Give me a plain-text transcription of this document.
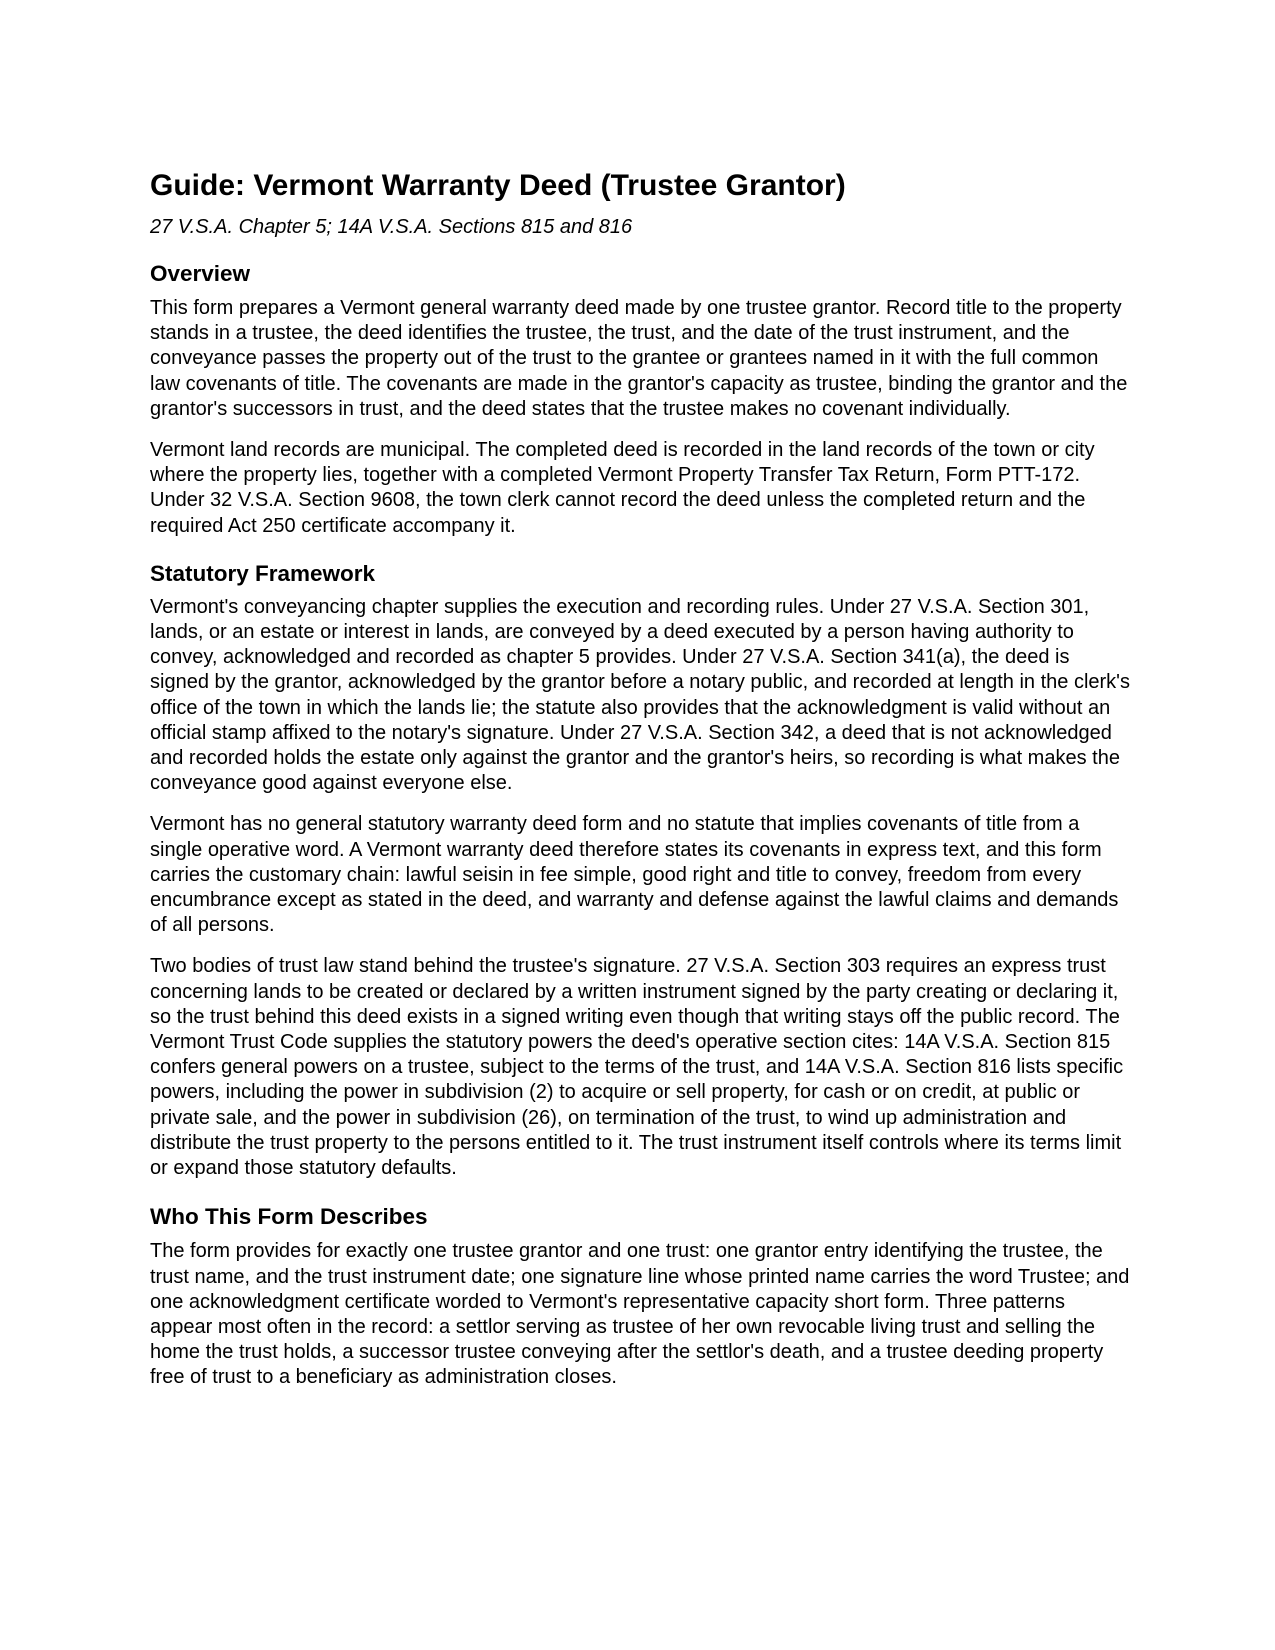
Guide: Vermont Warranty Deed (Trustee Grantor)

27 V.S.A. Chapter 5; 14A V.S.A. Sections 815 and 816

Overview

This form prepares a Vermont general warranty deed made by one trustee grantor. Record title to the property stands in a trustee, the deed identifies the trustee, the trust, and the date of the trust instrument, and the conveyance passes the property out of the trust to the grantee or grantees named in it with the full common law covenants of title. The covenants are made in the grantor's capacity as trustee, binding the grantor and the grantor's successors in trust, and the deed states that the trustee makes no covenant individually.

Vermont land records are municipal. The completed deed is recorded in the land records of the town or city where the property lies, together with a completed Vermont Property Transfer Tax Return, Form PTT-172. Under 32 V.S.A. Section 9608, the town clerk cannot record the deed unless the completed return and the required Act 250 certificate accompany it.

Statutory Framework

Vermont's conveyancing chapter supplies the execution and recording rules. Under 27 V.S.A. Section 301, lands, or an estate or interest in lands, are conveyed by a deed executed by a person having authority to convey, acknowledged and recorded as chapter 5 provides. Under 27 V.S.A. Section 341(a), the deed is signed by the grantor, acknowledged by the grantor before a notary public, and recorded at length in the clerk's office of the town in which the lands lie; the statute also provides that the acknowledgment is valid without an official stamp affixed to the notary's signature. Under 27 V.S.A. Section 342, a deed that is not acknowledged and recorded holds the estate only against the grantor and the grantor's heirs, so recording is what makes the conveyance good against everyone else.

Vermont has no general statutory warranty deed form and no statute that implies covenants of title from a single operative word. A Vermont warranty deed therefore states its covenants in express text, and this form carries the customary chain: lawful seisin in fee simple, good right and title to convey, freedom from every encumbrance except as stated in the deed, and warranty and defense against the lawful claims and demands of all persons.

Two bodies of trust law stand behind the trustee's signature. 27 V.S.A. Section 303 requires an express trust concerning lands to be created or declared by a written instrument signed by the party creating or declaring it, so the trust behind this deed exists in a signed writing even though that writing stays off the public record. The Vermont Trust Code supplies the statutory powers the deed's operative section cites: 14A V.S.A. Section 815 confers general powers on a trustee, subject to the terms of the trust, and 14A V.S.A. Section 816 lists specific powers, including the power in subdivision (2) to acquire or sell property, for cash or on credit, at public or private sale, and the power in subdivision (26), on termination of the trust, to wind up administration and distribute the trust property to the persons entitled to it. The trust instrument itself controls where its terms limit or expand those statutory defaults.

Who This Form Describes

The form provides for exactly one trustee grantor and one trust: one grantor entry identifying the trustee, the trust name, and the trust instrument date; one signature line whose printed name carries the word Trustee; and one acknowledgment certificate worded to Vermont's representative capacity short form. Three patterns appear most often in the record: a settlor serving as trustee of her own revocable living trust and selling the home the trust holds, a successor trustee conveying after the settlor's death, and a trustee deeding property free of trust to a beneficiary as administration closes.
